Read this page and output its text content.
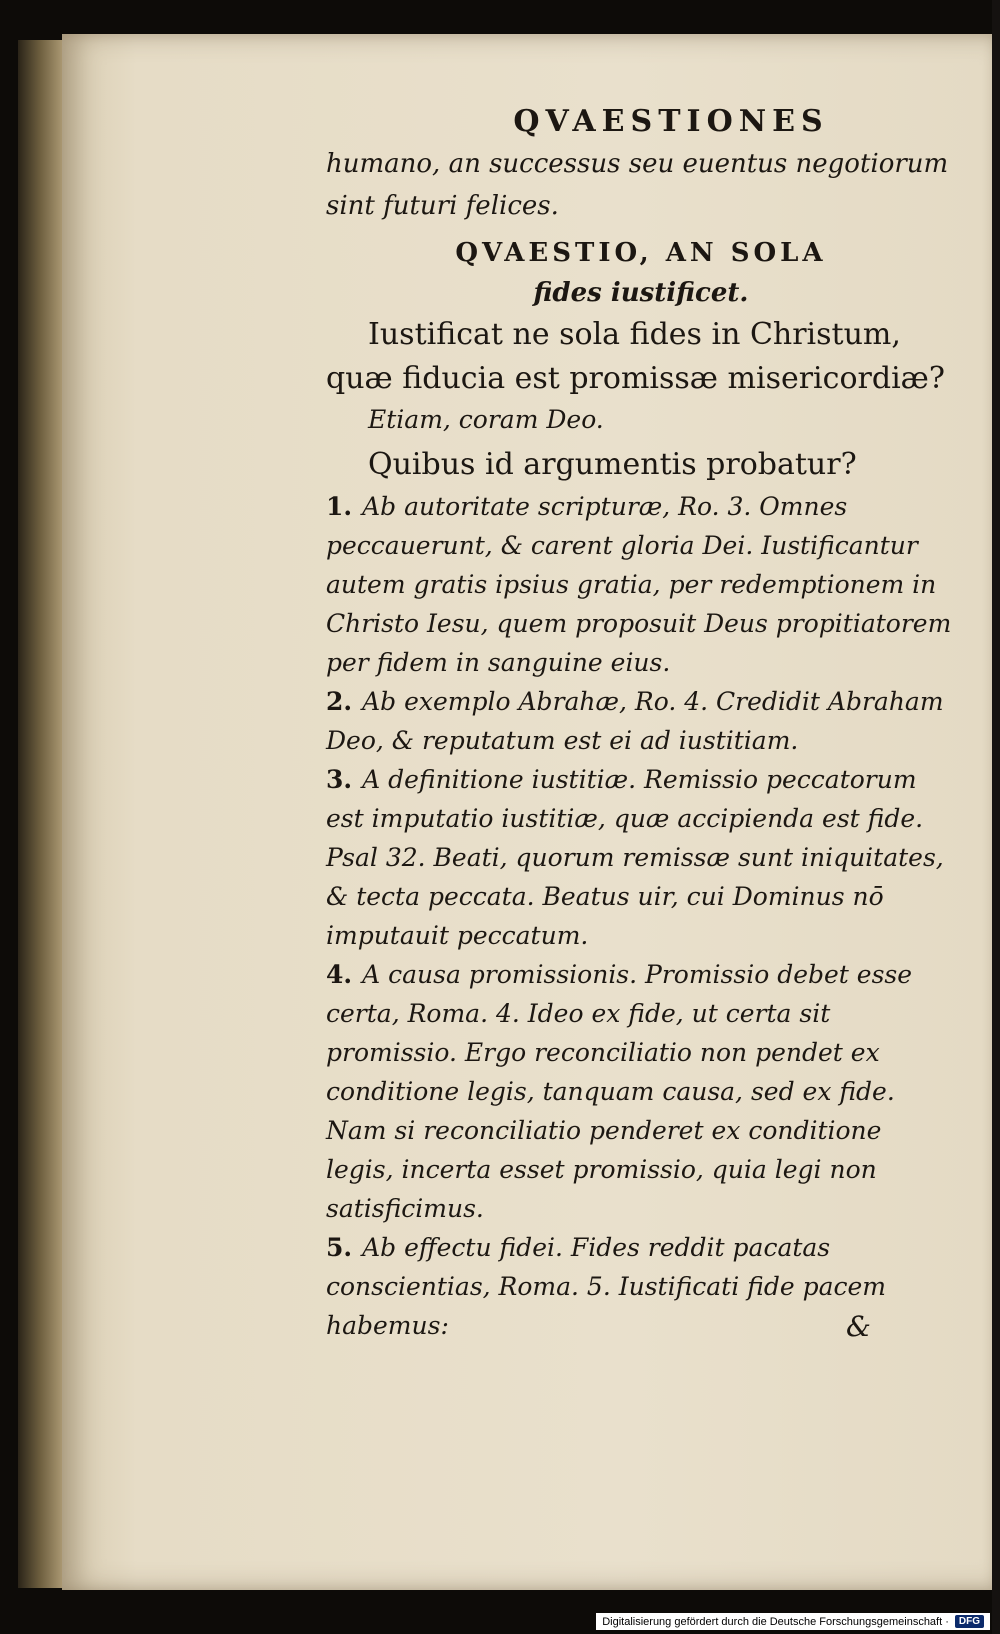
QVAESTIONES

humano, an successus seu euentus negotiorum

sint futuri felices.

QVAESTIO, AN SOLA

fides iustificet.

Iustificat ne sola fides in Christum, quæ fiducia est promissæ misericordiæ?

Etiam, coram Deo.

Quibus id argumentis probatur?

1. Ab autoritate scripturæ, Ro. 3. Omnes peccauerunt, & carent gloria Dei. Iustificantur autem gratis ipsius gratia, per redemptionem in Christo Iesu, quem proposuit Deus propitiatorem per fidem in sanguine eius.

2. Ab exemplo Abrahæ, Ro. 4. Credidit Abraham Deo, & reputatum est ei ad iustitiam.

3. A definitione iustitiæ. Remissio peccatorum est imputatio iustitiæ, quæ accipienda est fide. Psal 32. Beati, quorum remissæ sunt iniquitates, & tecta peccata. Beatus uir, cui Dominus nō imputauit peccatum.

4. A causa promissionis. Promissio debet esse certa, Roma. 4. Ideo ex fide, ut certa sit promissio. Ergo reconciliatio non pendet ex conditione legis, tanquam causa, sed ex fide. Nam si reconciliatio penderet ex conditione legis, incerta esset promissio, quia legi non satisficimus.

5. Ab effectu fidei. Fides reddit pacatas conscientias, Roma. 5. Iustificati fide pacem habemus:	&
Digitalisierung gefördert durch die Deutsche Forschungsgemeinschaft ·	DFG
